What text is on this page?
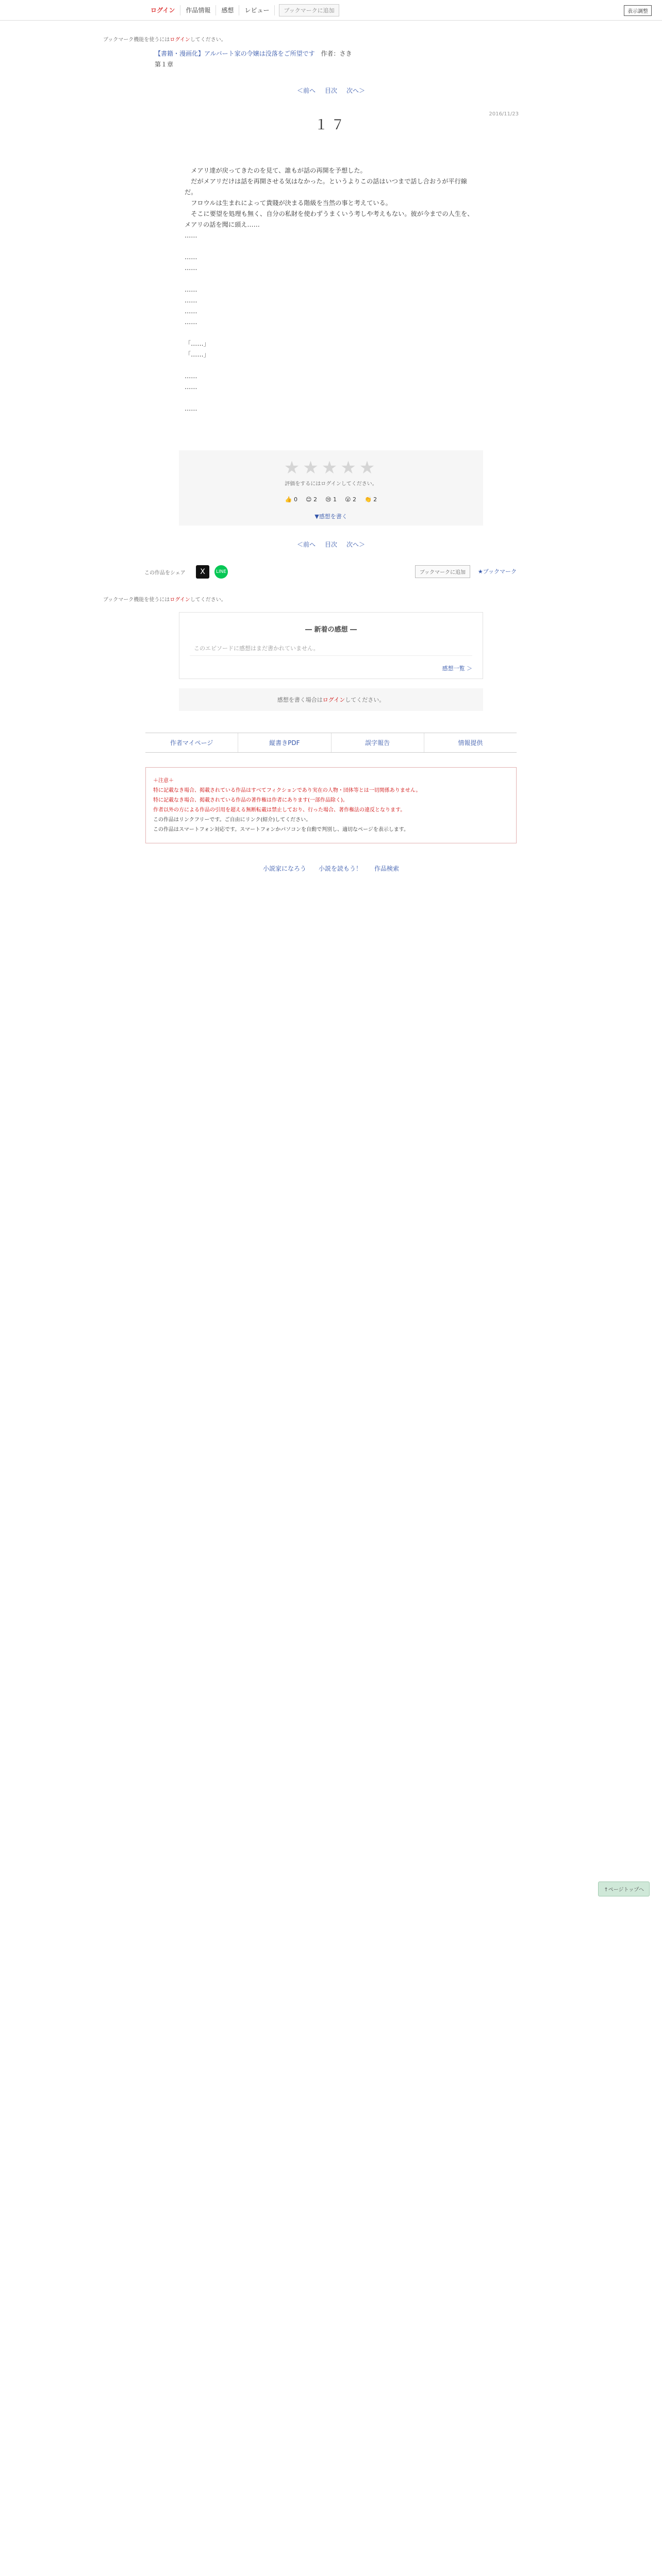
ログイン	作品情報	感想	レビュー	ブックマークに追加	表示調整
ブックマーク機能を使うにはログインしてください。
【書籍・漫画化】アルバート家の令嬢は没落をご所望です 作者：さき
第１章
＜前へ 目次 次へ＞
2016/11/23
１７

　メアリ達が戻ってきたのを見て、誰もが話の再開を予想した。

　だがメアリだけは話を再開させる気はなかった。というよりこの話はいつまで話し合おうが平行線だ。

　フロウルは生まれによって貴賤が決まる階級を当然の事と考えている。

　そこに要望を処理も無く、自分の私財を使わずうまくいう考しや考えもない。彼が今までの人生を、メアリの話を聞に頭え……

……

……

……

……

……

……

……

「……」

「……」

……

……

……

↑ページトップへ
★★★★★
評価をするにはログインしてください。
👍 0 😊 2 😢 1 😮 2 👏 2
▼感想を書く
＜前へ 目次 次へ＞
この作品をシェア	X	LINE	ブックマークに追加	★ブックマーク
ブックマーク機能を使うにはログインしてください。
― 新着の感想 ―
このエピソードに感想はまだ書かれていません。
感想一覧 ＞
感想を書く場合はログインしてください。
作者マイページ	縦書きPDF	誤字報告	情報提供
＋注意＋
特に記載なき場合、掲載されている作品はすべてフィクションであり実在の人物・団体等とは一切関係ありません。
特に記載なき場合、掲載されている作品の著作権は作者にあります(一部作品除く)。
作者以外の方による作品の引用を超える無断転載は禁止しており、行った場合、著作権法の違反となります。
この作品はリンクフリーです。ご自由にリンク(紹介)してください。
この作品はスマートフォン対応です。スマートフォンかパソコンを自動で判別し、適切なページを表示します。
小説家になろう 小説を読もう！ 作品検索
